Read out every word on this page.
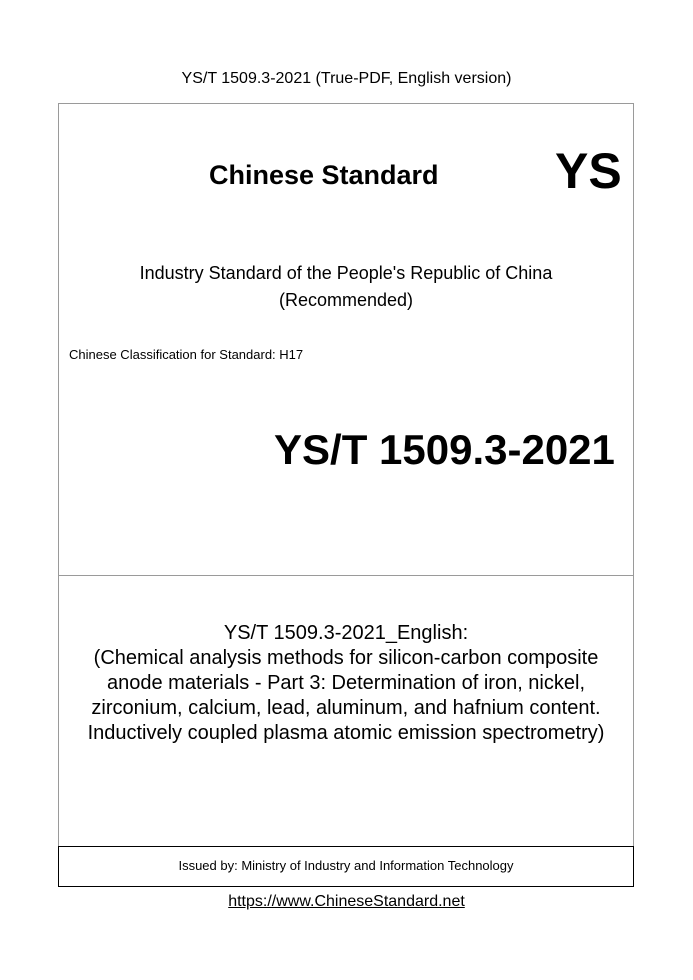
YS/T 1509.3-2021 (True-PDF, English version)
Chinese Standard YS
Industry Standard of the People's Republic of China
(Recommended)
Chinese Classification for Standard: H17
YS/T 1509.3-2021
YS/T 1509.3-2021_English:
(Chemical analysis methods for silicon-carbon composite
anode materials - Part 3: Determination of iron, nickel,
zirconium, calcium, lead, aluminum, and hafnium content.
Inductively coupled plasma atomic emission spectrometry)
Issued by: Ministry of Industry and Information Technology
https://www.ChineseStandard.net
